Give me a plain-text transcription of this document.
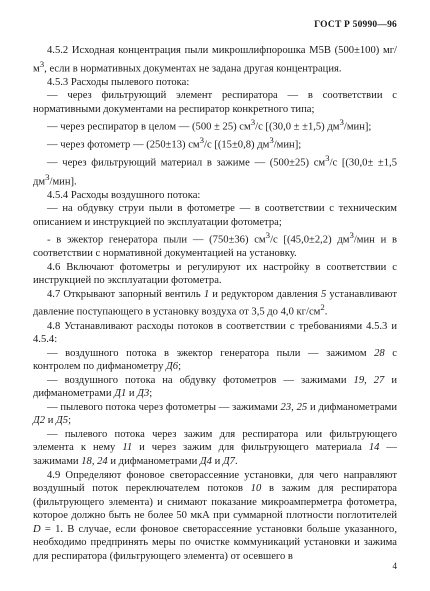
ГОСТ Р 50990—96

4.5.2 Исходная концентрация пыли микрошлифпорошка М5В (500±100) $мг/м^3$, если в нормативных документах не задана другая концентрация.

4.5.3 Расходы пылевого потока:

— через фильтрующий элемент респиратора — в соответствии с нормативными документами на респиратор конкретного типа;

— через респиратор в целом — (500 ± 25) $см^3/с$ [(30,0 ± ±1,5) $дм^3/мин$];

— через фотометр — (250±13) $см^3/с$ [(15±0,8) $дм^3/мин$];

— через фильтрующий материал в зажиме — (500±25) $см^3/с$ [(30,0± ±1,5 $дм^3/мин$].

4.5.4 Расходы воздушного потока:

— на обдувку струи пыли в фотометре — в соответствии с техническим описанием и инструкцией по эксплуатации фотометра;

- в эжектор генератора пыли — (750±36) $см^3/с$ [(45,0±2,2) $дм^3$/мин и в соответствии с нормативной документацией на установку.

4.6 Включают фотометры и регулируют их настройку в соответствии с инструкцией по эксплуатации фотометра.

4.7 Открывают запорный вентиль 1 и редуктором давления 5 устанавливают давление поступающего в установку воздуха от 3,5 до 4,0 $кг/см^2$.

4.8 Устанавливают расходы потоков в соответствии с требованиями 4.5.3 и 4.5.4:

— воздушного потока в эжектор генератора пыли — зажимом 28 с контролем по дифманометру Д6;

— воздушного потока на обдувку фотометров — зажимами 19, 27 и дифманометрами Д1 и Д3;

— пылевого потока через фотометры — зажимами 23, 25 и дифманометрами Д2 и Д5;

— пылевого потока через зажим для респиратора или фильтрующего элемента к нему 11 и через зажим для фильтрующего материала 14 — зажимами 18, 24 и дифманометрами Д4 и Д7.

4.9 Определяют фоновое светорассеяние установки, для чего направляют воздушный поток переключателем потоков 10 в зажим для респиратора (фильтрующего элемента) и снимают показание микроамперметра фотометра, которое должно быть не более 50 мкА при суммарной плотности поглотителей D = 1. В случае, если фоновое светорассеяние установки больше указанного, необходимо предпринять меры по очистке коммуникаций установки и зажима для респиратора (фильтрующего элемента) от осевшего в

4
